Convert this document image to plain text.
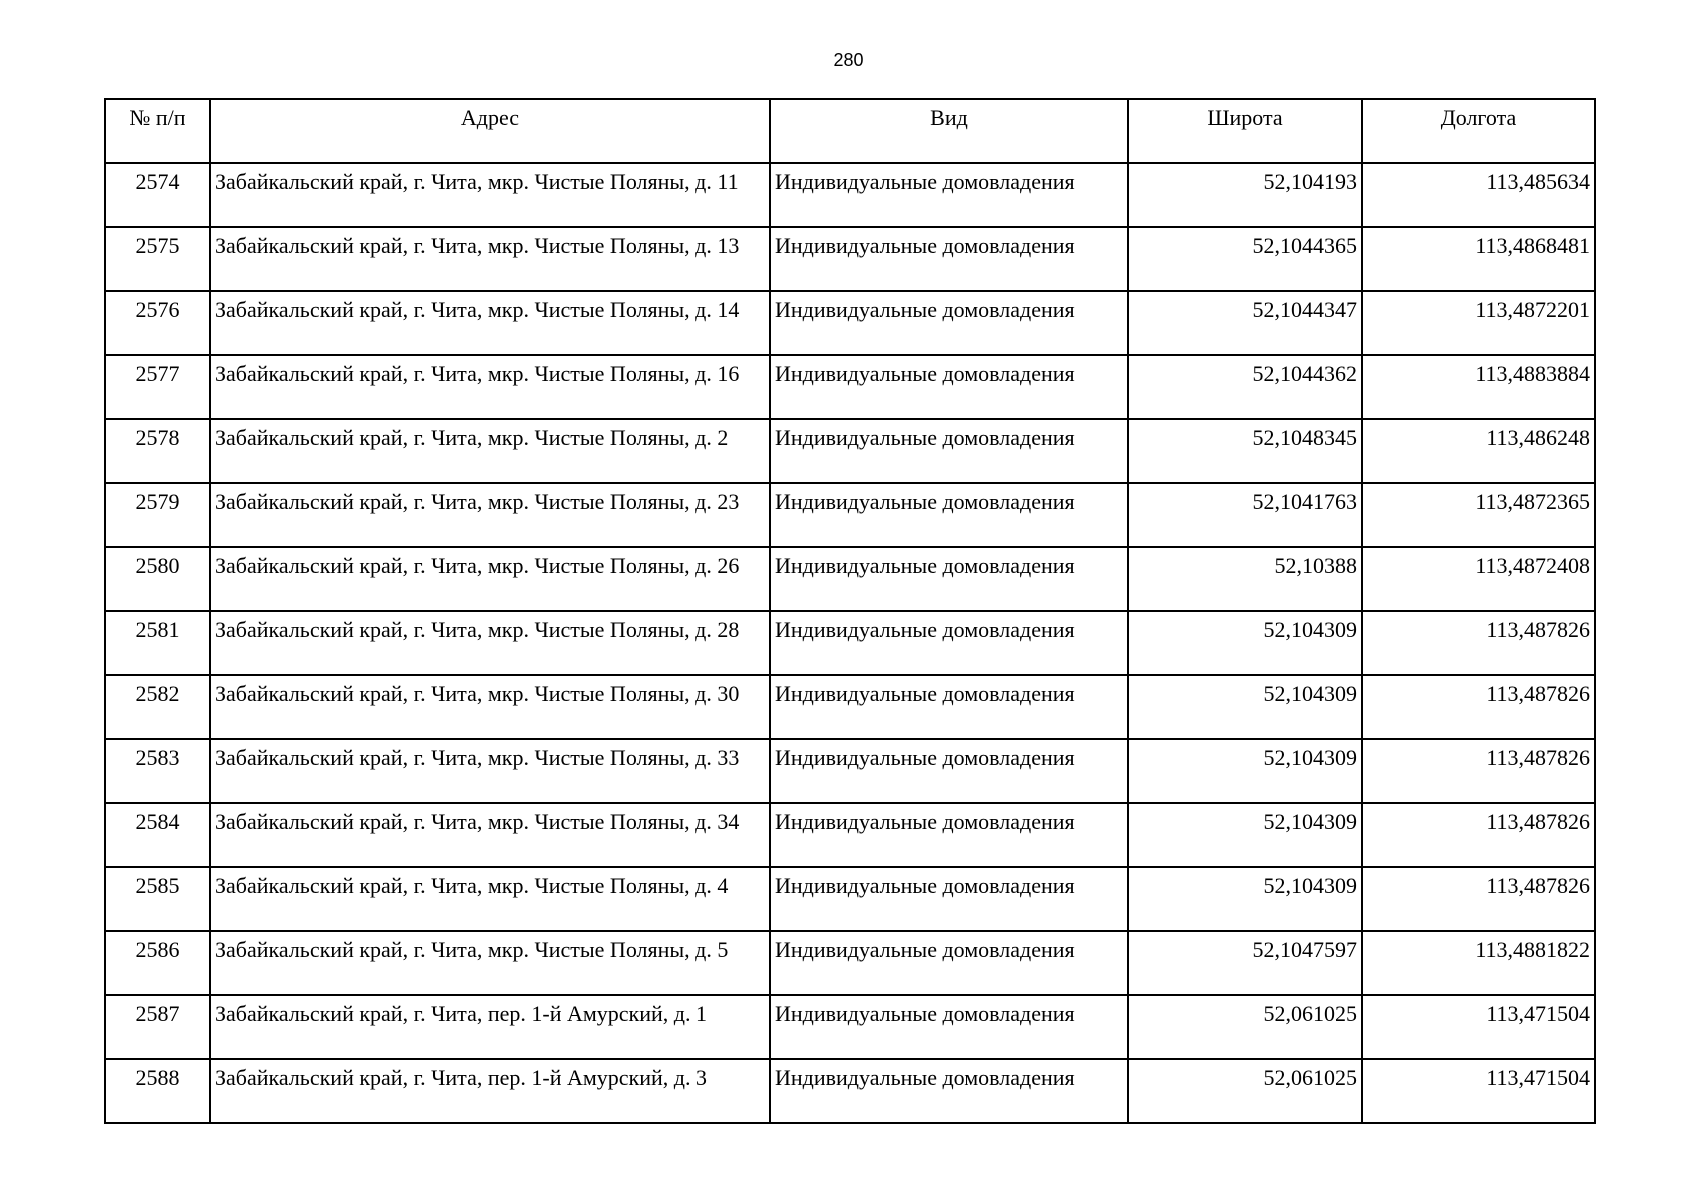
280
№ п/п	Адрес	Вид	Широта	Долгота
2574	Забайкальский край, г. Чита, мкр. Чистые Поляны, д. 11	Индивидуальные домовладения	52,104193	113,485634
2575	Забайкальский край, г. Чита, мкр. Чистые Поляны, д. 13	Индивидуальные домовладения	52,1044365	113,4868481
2576	Забайкальский край, г. Чита, мкр. Чистые Поляны, д. 14	Индивидуальные домовладения	52,1044347	113,4872201
2577	Забайкальский край, г. Чита, мкр. Чистые Поляны, д. 16	Индивидуальные домовладения	52,1044362	113,4883884
2578	Забайкальский край, г. Чита, мкр. Чистые Поляны, д. 2	Индивидуальные домовладения	52,1048345	113,486248
2579	Забайкальский край, г. Чита, мкр. Чистые Поляны, д. 23	Индивидуальные домовладения	52,1041763	113,4872365
2580	Забайкальский край, г. Чита, мкр. Чистые Поляны, д. 26	Индивидуальные домовладения	52,10388	113,4872408
2581	Забайкальский край, г. Чита, мкр. Чистые Поляны, д. 28	Индивидуальные домовладения	52,104309	113,487826
2582	Забайкальский край, г. Чита, мкр. Чистые Поляны, д. 30	Индивидуальные домовладения	52,104309	113,487826
2583	Забайкальский край, г. Чита, мкр. Чистые Поляны, д. 33	Индивидуальные домовладения	52,104309	113,487826
2584	Забайкальский край, г. Чита, мкр. Чистые Поляны, д. 34	Индивидуальные домовладения	52,104309	113,487826
2585	Забайкальский край, г. Чита, мкр. Чистые Поляны, д. 4	Индивидуальные домовладения	52,104309	113,487826
2586	Забайкальский край, г. Чита, мкр. Чистые Поляны, д. 5	Индивидуальные домовладения	52,1047597	113,4881822
2587	Забайкальский край, г. Чита, пер. 1-й Амурский, д. 1	Индивидуальные домовладения	52,061025	113,471504
2588	Забайкальский край, г. Чита, пер. 1-й Амурский, д. 3	Индивидуальные домовладения	52,061025	113,471504
